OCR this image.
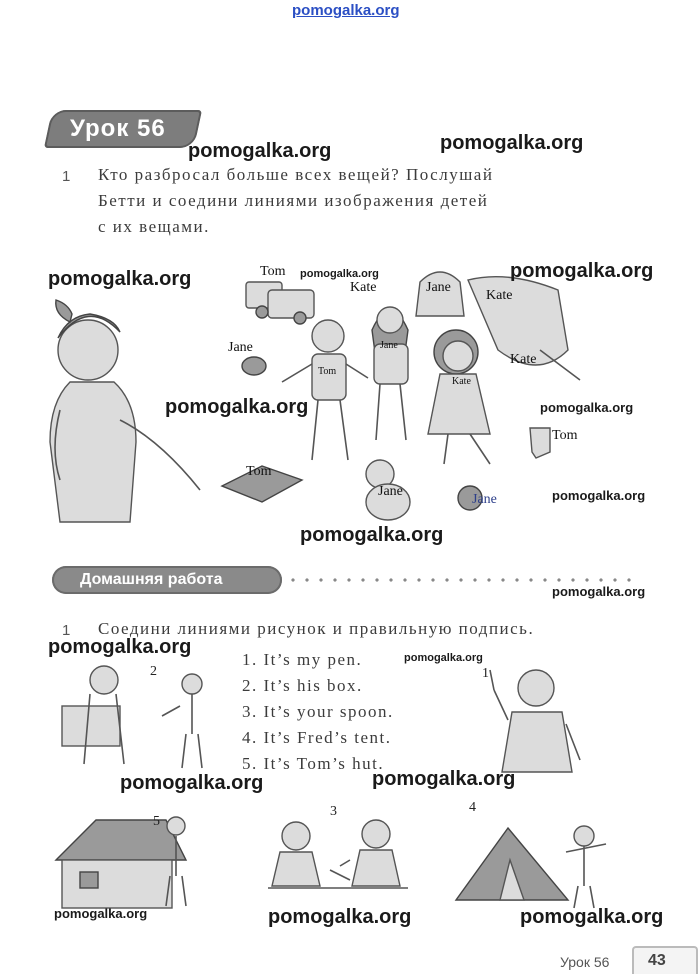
pomogalka.org
Урок 56
pomogalka.org	pomogalka.org
1 Кто разбросал больше всех вещей? Послушай
Бетти и соедини линиями изображения детей
с их вещами.
Tom pomogalka.org
Kate	Jane
Kate
pomogalka.org
pomogalka.org
Jane
Tom
Jane
Kate
Kate
pomogalka.org	pomogalka.org
Tom
Tom
Jane
Jane	pomogalka.org
pomogalka.org
Домашняя работа
pomogalka.org
1 Соедини линиями рисунок и правильную подпись.
pomogalka.org
1. It’s my pen.	pomogalka.org
2. It’s his box.
3. It’s your spoon.
4. It’s Fred’s tent.
5. It’s Tom’s hut.
2	1
5
3	4
pomogalka.org	pomogalka.org
pomogalka.org	pomogalka.org	pomogalka.org
Урок 56	43
